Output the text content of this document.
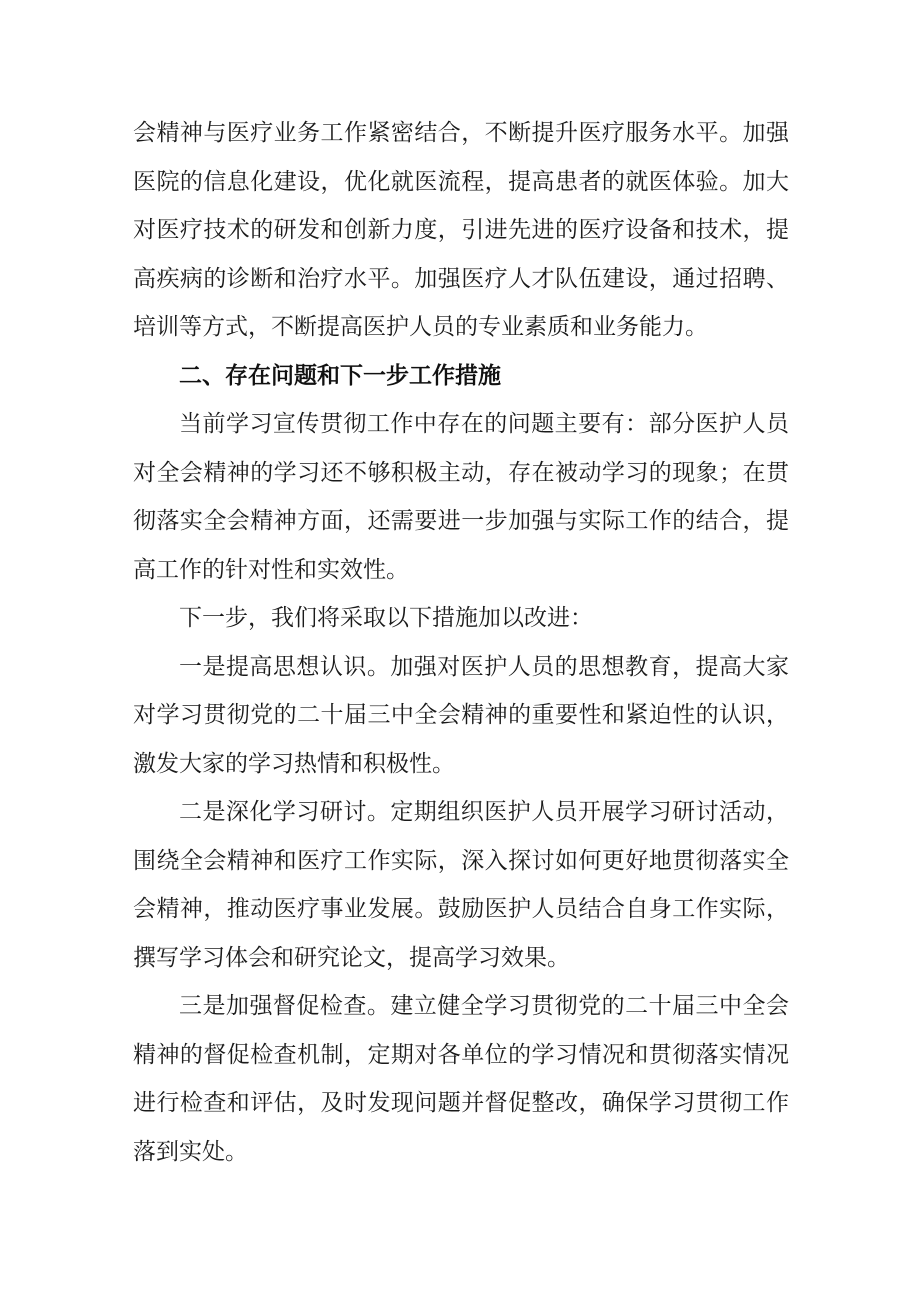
会精神与医疗业务工作紧密结合，不断提升医疗服务水平。加强医院的信息化建设，优化就医流程，提高患者的就医体验。加大对医疗技术的研发和创新力度，引进先进的医疗设备和技术，提高疾病的诊断和治疗水平。加强医疗人才队伍建设，通过招聘、培训等方式，不断提高医护人员的专业素质和业务能力。

二、存在问题和下一步工作措施

当前学习宣传贯彻工作中存在的问题主要有：部分医护人员对全会精神的学习还不够积极主动，存在被动学习的现象；在贯彻落实全会精神方面，还需要进一步加强与实际工作的结合，提高工作的针对性和实效性。

下一步，我们将采取以下措施加以改进：

一是提高思想认识。加强对医护人员的思想教育，提高大家对学习贯彻党的二十届三中全会精神的重要性和紧迫性的认识，激发大家的学习热情和积极性。

二是深化学习研讨。定期组织医护人员开展学习研讨活动，围绕全会精神和医疗工作实际，深入探讨如何更好地贯彻落实全会精神，推动医疗事业发展。鼓励医护人员结合自身工作实际，撰写学习体会和研究论文，提高学习效果。

三是加强督促检查。建立健全学习贯彻党的二十届三中全会精神的督促检查机制，定期对各单位的学习情况和贯彻落实情况进行检查和评估，及时发现问题并督促整改，确保学习贯彻工作落到实处。
